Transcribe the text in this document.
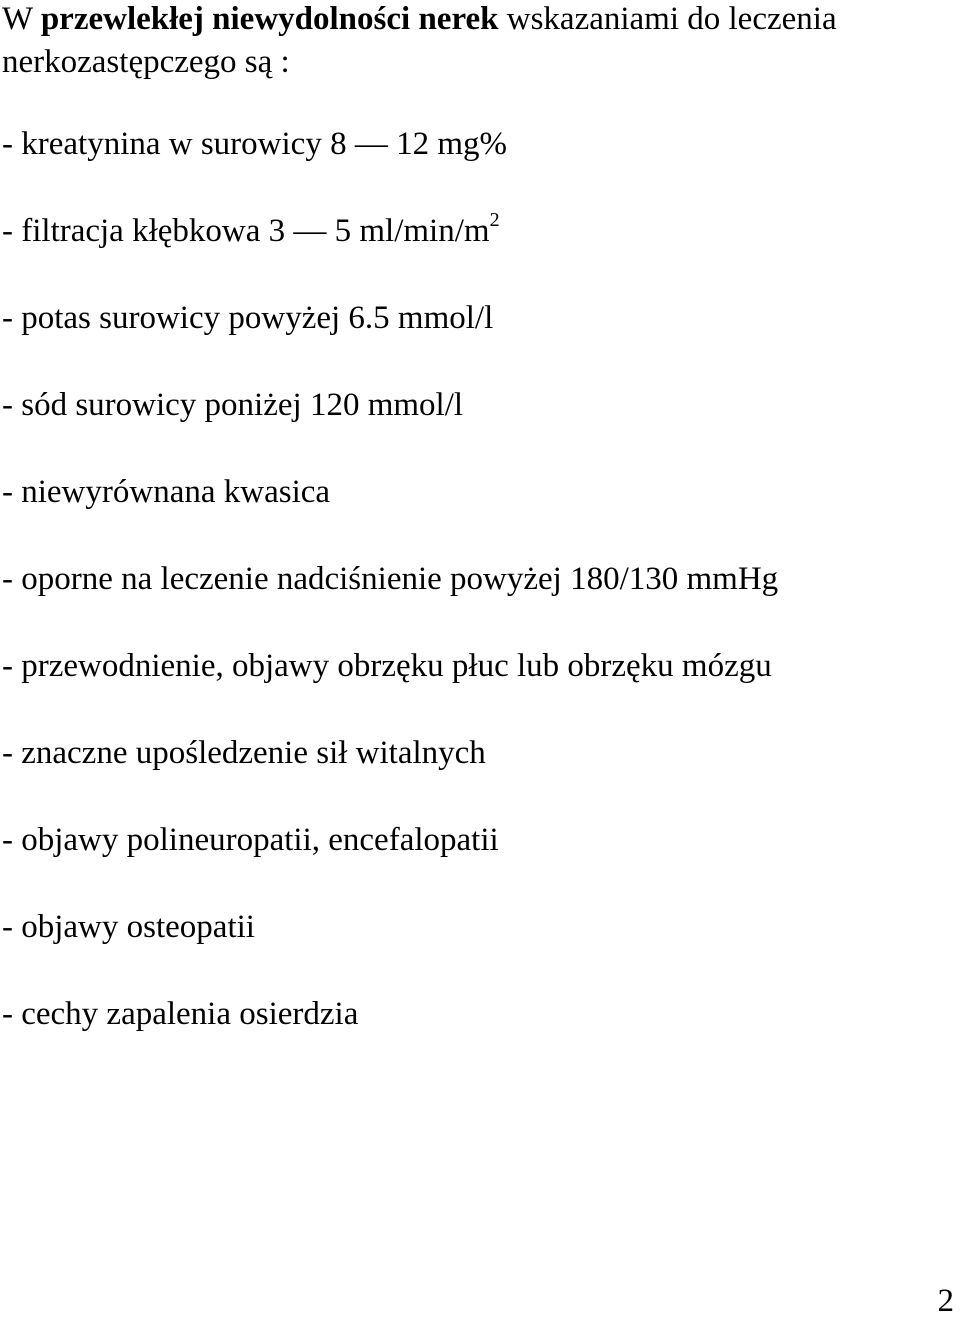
W przewlekłej niewydolności nerek wskazaniami do leczenia nerkozastępczego są :

- kreatynina w surowicy 8 — 12 mg%
- filtracja kłębkowa 3 — 5 $ml/\min/m^2$
- potas surowicy powyżej 6.5 mmol/l
- sód surowicy poniżej 120 mmol/l
- niewyrównana kwasica
- oporne na leczenie nadciśnienie powyżej 180/130 mmHg
- przewodnienie, objawy obrzęku płuc lub obrzęku mózgu
- znaczne upośledzenie sił witalnych
- objawy polineuropatii, encefalopatii
- objawy osteopatii
- cechy zapalenia osierdzia
2
